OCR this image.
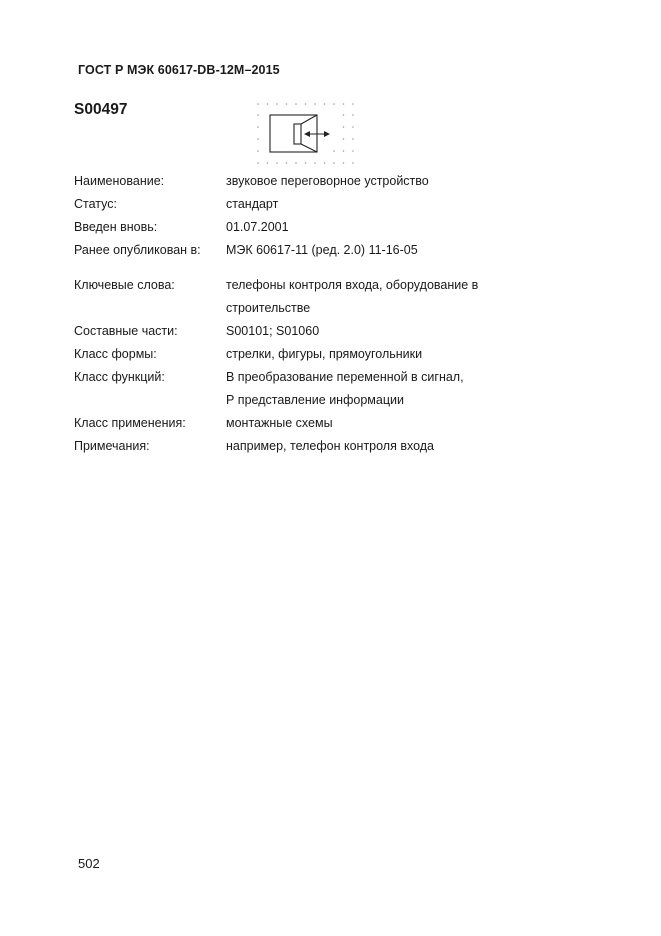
ГОСТ Р МЭК 60617-DB-12M–2015
S00497
Наименование:	звуковое переговорное устройство
Статус:	стандарт
Введен вновь:	01.07.2001
Ранее опубликован в:	МЭК 60617-11 (ред. 2.0) 11-16-05
Ключевые слова:	телефоны контроля входа, оборудование в
строительстве
Составные части:	S00101; S01060
Класс формы:	стрелки, фигуры, прямоугольники
Класс функций:	В преобразование переменной в сигнал,
Р представление информации
Класс применения:	монтажные схемы
Примечания:	например, телефон контроля входа
502
